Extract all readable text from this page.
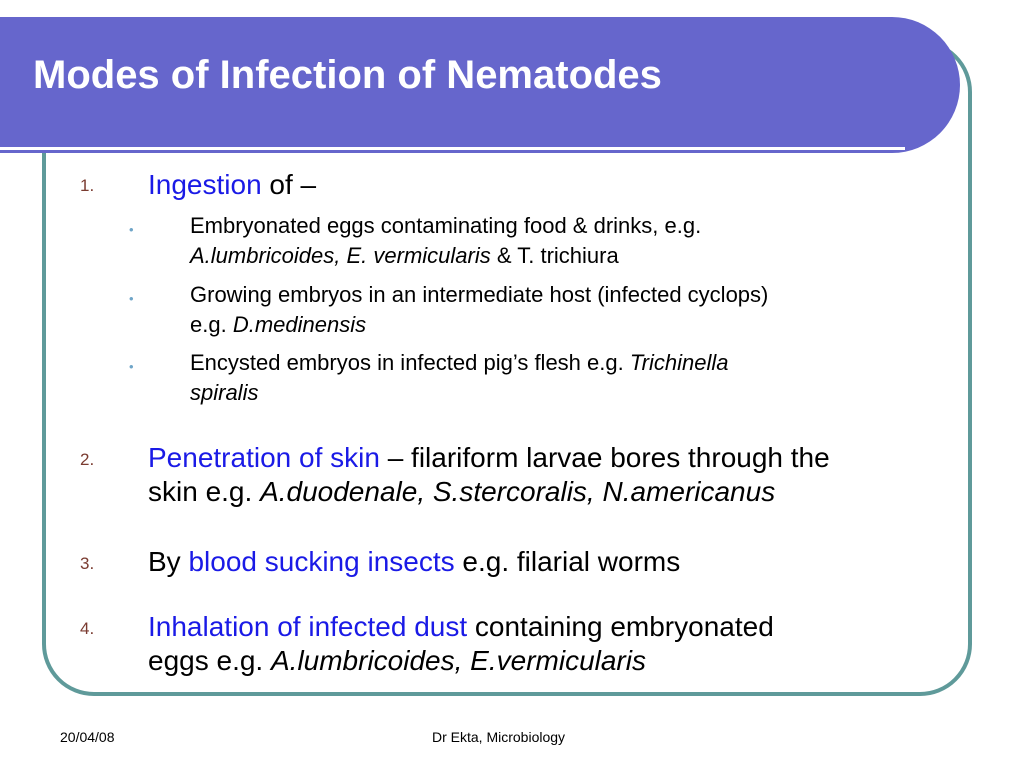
Modes of Infection of Nematodes
1. Ingestion of –
•	Embryonated eggs contaminating food & drinks, e.g.
A.lumbricoides, E. vermicularis & T. trichiura
•	Growing embryos in an intermediate host (infected cyclops)
e.g. D.medinensis
•	Encysted embryos in infected pig’s flesh e.g. Trichinella
spiralis
2. Penetration of skin – filariform larvae bores through the
skin e.g. A.duodenale, S.stercoralis, N.americanus
3. By blood sucking insects e.g. filarial worms
4. Inhalation of infected dust containing embryonated
eggs e.g. A.lumbricoides, E.vermicularis
20/04/08	Dr Ekta, Microbiology
